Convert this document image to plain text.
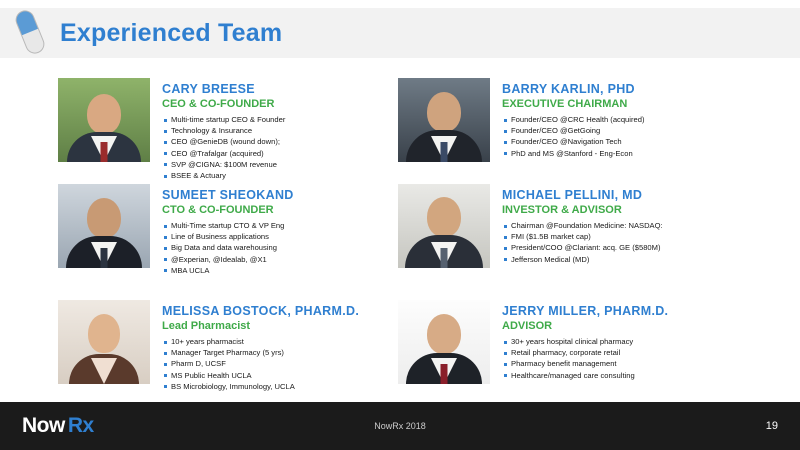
Experienced Team
CARY BREESE
CEO & CO-FOUNDER
Multi-time startup CEO & Founder
Technology & Insurance
CEO @GenieDB (wound down);
CEO @Trafalgar (acquired)
SVP @CIGNA: $100M revenue
BSEE & Actuary
BARRY KARLIN, PHD
EXECUTIVE CHAIRMAN
Founder/CEO @CRC Health (acquired)
Founder/CEO @GetGoing
Founder/CEO @Navigation Tech
PhD and MS @Stanford - Eng-Econ
SUMEET SHEOKAND
CTO & CO-FOUNDER
Multi-Time startup CTO & VP Eng
Line of Business applications
Big Data and data warehousing
@Experian, @Idealab, @X1
MBA UCLA
MICHAEL PELLINI, MD
INVESTOR & ADVISOR
Chairman @Foundation Medicine: NASDAQ:
FMI ($1.5B market cap)
President/COO @Clariant: acq. GE ($580M)
Jefferson Medical (MD)
MELISSA BOSTOCK, PHARM.D.
Lead Pharmacist
10+ years pharmacist
Manager Target Pharmacy (5 yrs)
Pharm D, UCSF
MS Public Health UCLA
BS Microbiology, Immunology, UCLA
JERRY MILLER, PHARM.D.
ADVISOR
30+ years hospital clinical pharmacy
Retail pharmacy, corporate retail
Pharmacy benefit management
Healthcare/managed care consulting
Now Rx	NowRx 2018	19
